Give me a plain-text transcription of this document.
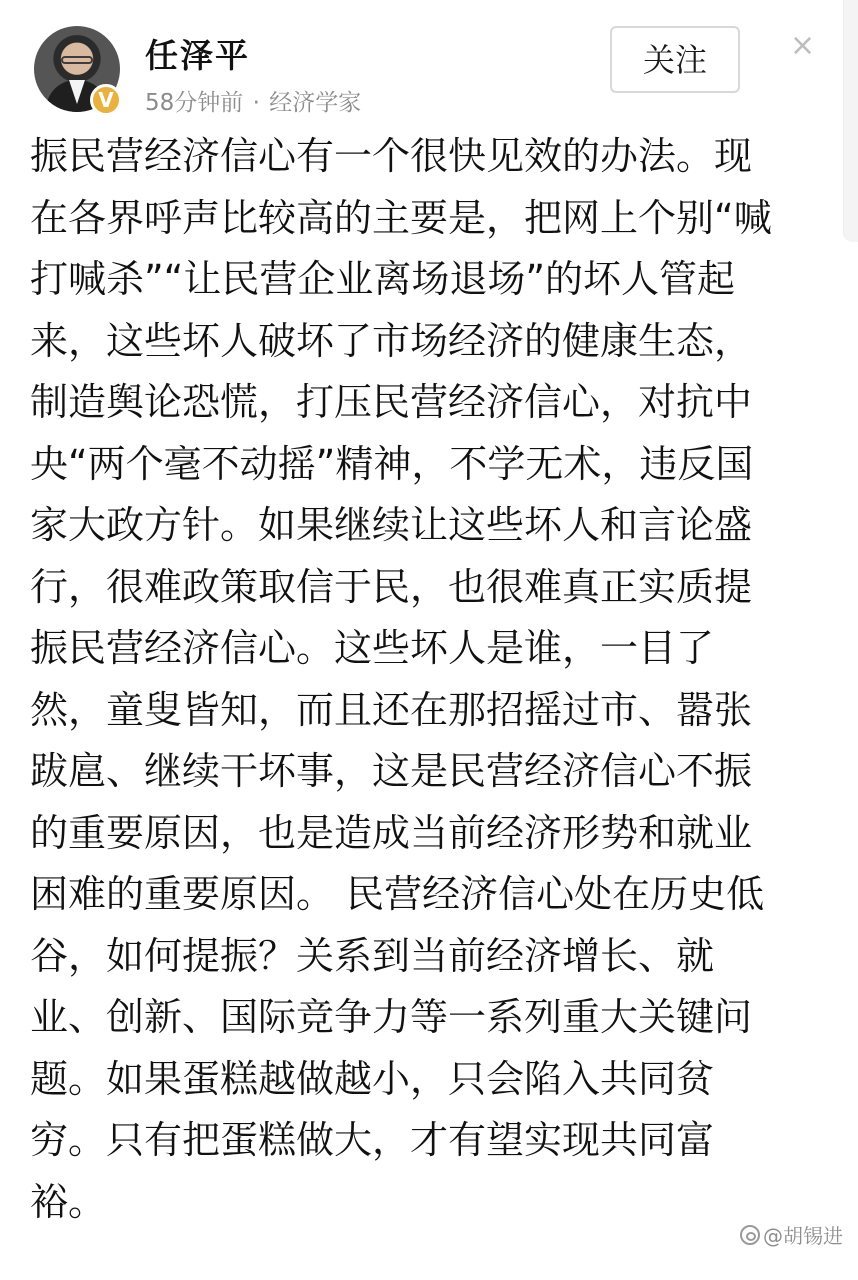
V
任泽平
58分钟前 · 经济学家
关注	×
振民营经济信心有一个很快见效的办法。现
在各界呼声比较高的主要是，把网上个别“喊
打喊杀”“让民营企业离场退场”的坏人管起
来，这些坏人破坏了市场经济的健康生态，
制造舆论恐慌，打压民营经济信心，对抗中
央“两个毫不动摇”精神，不学无术，违反国
家大政方针。如果继续让这些坏人和言论盛
行，很难政策取信于民，也很难真正实质提
振民营经济信心。这些坏人是谁，一目了
然，童叟皆知，而且还在那招摇过市、嚣张
跋扈、继续干坏事，这是民营经济信心不振
的重要原因，也是造成当前经济形势和就业
困难的重要原因。 民营经济信心处在历史低
谷，如何提振？关系到当前经济增长、就
业、创新、国际竞争力等一系列重大关键问
题。如果蛋糕越做越小，只会陷入共同贫
穷。只有把蛋糕做大，才有望实现共同富
裕。
@胡锡进
